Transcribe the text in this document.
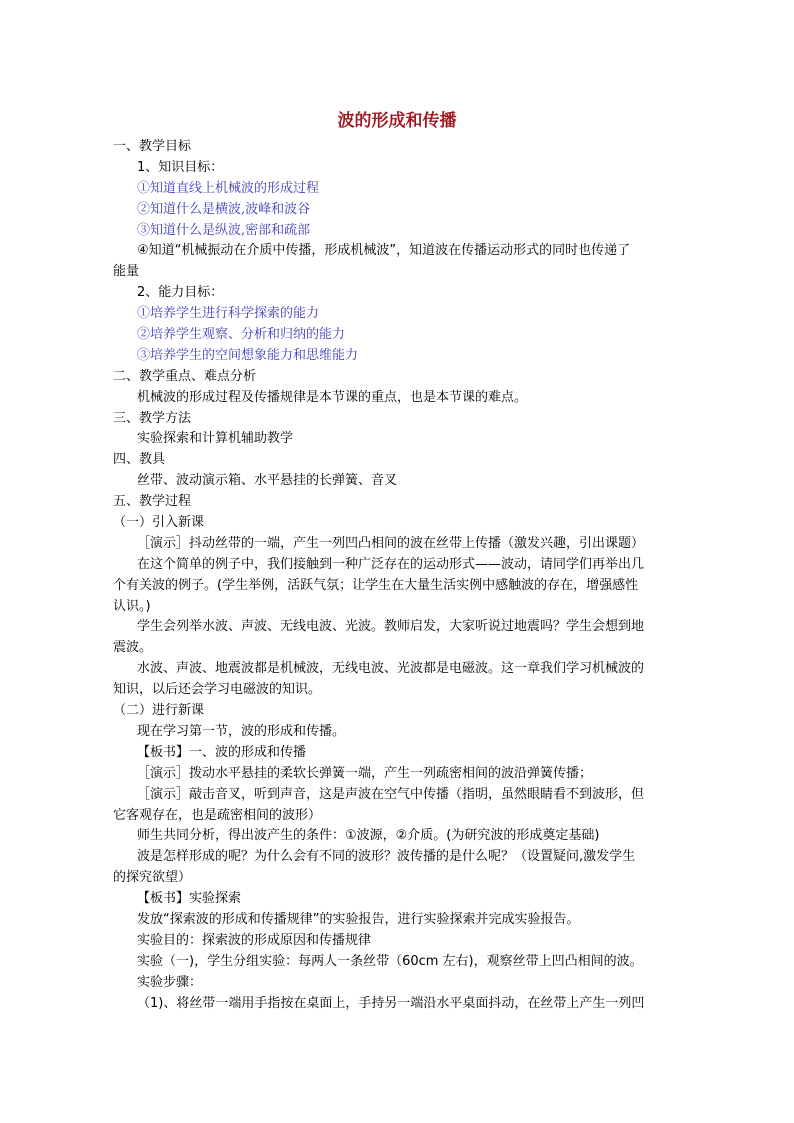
波的形成和传播
一、教学目标
1、知识目标：
①知道直线上机械波的形成过程
②知道什么是横波,波峰和波谷
③知道什么是纵波,密部和疏部
④知道“机械振动在介质中传播，形成机械波”，知道波在传播运动形式的同时也传递了
能量
2、能力目标：
①培养学生进行科学探索的能力
②培养学生观察、分析和归纳的能力
③培养学生的空间想象能力和思维能力
二、教学重点、难点分析
机械波的形成过程及传播规律是本节课的重点，也是本节课的难点。
三、教学方法
实验探索和计算机辅助教学
四、教具
丝带、波动演示箱、水平悬挂的长弹簧、音叉
五、教学过程
（一）引入新课
［演示］抖动丝带的一端，产生一列凹凸相间的波在丝带上传播（激发兴趣，引出课题）
在这个简单的例子中，我们接触到一种广泛存在的运动形式——波动，请同学们再举出几
个有关波的例子。(学生举例，活跃气氛；让学生在大量生活实例中感触波的存在，增强感性
认识。)
学生会列举水波、声波、无线电波、光波。教师启发，大家听说过地震吗？学生会想到地
震波。
水波、声波、地震波都是机械波，无线电波、光波都是电磁波。这一章我们学习机械波的
知识，以后还会学习电磁波的知识。
（二）进行新课
现在学习第一节，波的形成和传播。
【板书】一、波的形成和传播
［演示］拨动水平悬挂的柔软长弹簧一端，产生一列疏密相间的波沿弹簧传播；
［演示］敲击音叉，听到声音，这是声波在空气中传播（指明，虽然眼睛看不到波形，但
它客观存在，也是疏密相间的波形）
师生共同分析，得出波产生的条件：①波源，②介质。(为研究波的形成奠定基础)
波是怎样形成的呢？为什么会有不同的波形？波传播的是什么呢？（设置疑问,激发学生
的探究欲望）
【板书】实验探索
发放“探索波的形成和传播规律”的实验报告，进行实验探索并完成实验报告。
实验目的：探索波的形成原因和传播规律
实验（一)，学生分组实验：每两人一条丝带（60cm 左右)，观察丝带上凹凸相间的波。
实验步骤：
（1)、将丝带一端用手指按在桌面上，手持另一端沿水平桌面抖动，在丝带上产生一列凹
